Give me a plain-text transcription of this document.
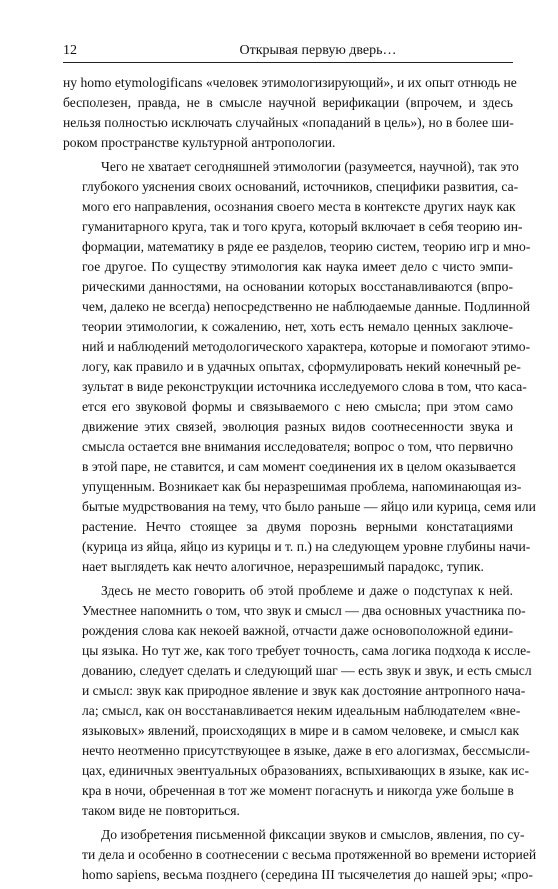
12	Открывая первую дверь…
ну homo etymologificans «человек этимологизирующий», и их опыт отнюдь не
бесполезен, правда, не в смысле научной верификации (впрочем, и здесь
нельзя полностью исключать случайных «попаданий в цель»), но в более ши-
роком пространстве культурной антропологии.
Чего не хватает сегодняшней этимологии (разумеется, научной), так это
глубокого уяснения своих оснований, источников, специфики развития, са-
мого его направления, осознания своего места в контексте других наук как
гуманитарного круга, так и того круга, который включает в себя теорию ин-
формации, математику в ряде ее разделов, теорию систем, теорию игр и мно-
гое другое. По существу этимология как наука имеет дело с чисто эмпи-
рическими данностями, на основании которых восстанавливаются (впро-
чем, далеко не всегда) непосредственно не наблюдаемые данные. Подлинной
теории этимологии, к сожалению, нет, хоть есть немало ценных заключе-
ний и наблюдений методологического характера, которые и помогают этимо-
логу, как правило и в удачных опытах, сформулировать некий конечный ре-
зультат в виде реконструкции источника исследуемого слова в том, что каса-
ется его звуковой формы и связываемого с нею смысла; при этом само
движение этих связей, эволюция разных видов соотнесенности звука и
смысла остается вне внимания исследователя; вопрос о том, что первично
в этой паре, не ставится, и сам момент соединения их в целом оказывается
упущенным. Возникает как бы неразрешимая проблема, напоминающая из-
бытые мудрствования на тему, что было раньше — яйцо или курица, семя или
растение. Нечто стоящее за двумя порознь верными констатациями
(курица из яйца, яйцо из курицы и т. п.) на следующем уровне глубины начи-
нает выглядеть как нечто алогичное, неразрешимый парадокс, тупик.
Здесь не место говорить об этой проблеме и даже о подступах к ней.
Уместнее напомнить о том, что звук и смысл — два основных участника по-
рождения слова как некоей важной, отчасти даже основоположной едини-
цы языка. Но тут же, как того требует точность, сама логика подхода к иссле-
дованию, следует сделать и следующий шаг — есть звук и звук, и есть смысл
и смысл: звук как природное явление и звук как достояние антропного нача-
ла; смысл, как он восстанавливается неким идеальным наблюдателем «вне-
языковых» явлений, происходящих в мире и в самом человеке, и смысл как
нечто неотменно присутствующее в языке, даже в его алогизмах, бессмысли-
цах, единичных эвентуальных образованиях, вспыхивающих в языке, как ис-
кра в ночи, обреченная в тот же момент погаснуть и никогда уже больше в
таком виде не повториться.
До изобретения письменной фиксации звуков и смыслов, явления, по су-
ти дела и особенно в соотнесении с весьма протяженной во времени историей
homo sapiens, весьма позднего (середина III тысячелетия до нашей эры; «про-
